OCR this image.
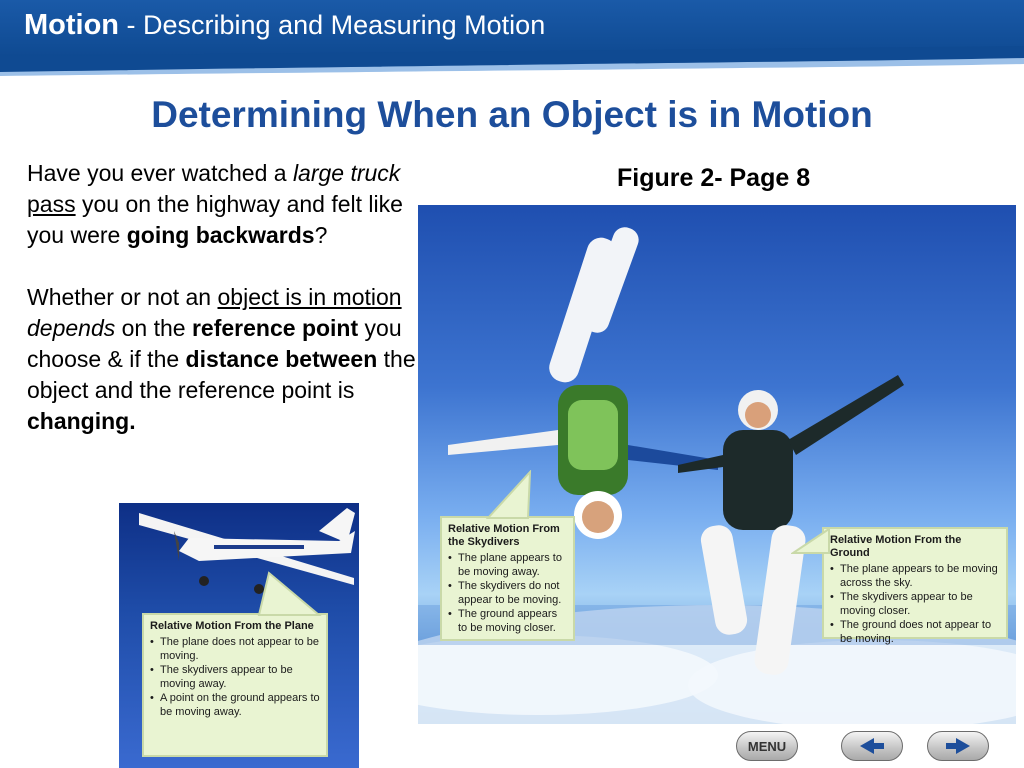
Motion - Describing and Measuring Motion
Determining When an Object is in Motion

Have you ever watched a large truck pass you on the highway and felt like you were going backwards?

Whether or not an object is in motion depends on the reference point you choose & if the distance between the object and the reference point is changing.

Figure 2- Page 8
Relative Motion From the Skydivers
• The plane appears to be moving away.
• The skydivers do not appear to be moving.
• The ground appears to be moving closer.
Relative Motion From the Ground
• The plane appears to be moving across the sky.
• The skydivers appear to be moving closer.
• The ground does not appear to be moving.
Relative Motion From the Plane
• The plane does not appear to be moving.
• The skydivers appear to be moving away.
• A point on the ground appears to be moving away.
MENU
